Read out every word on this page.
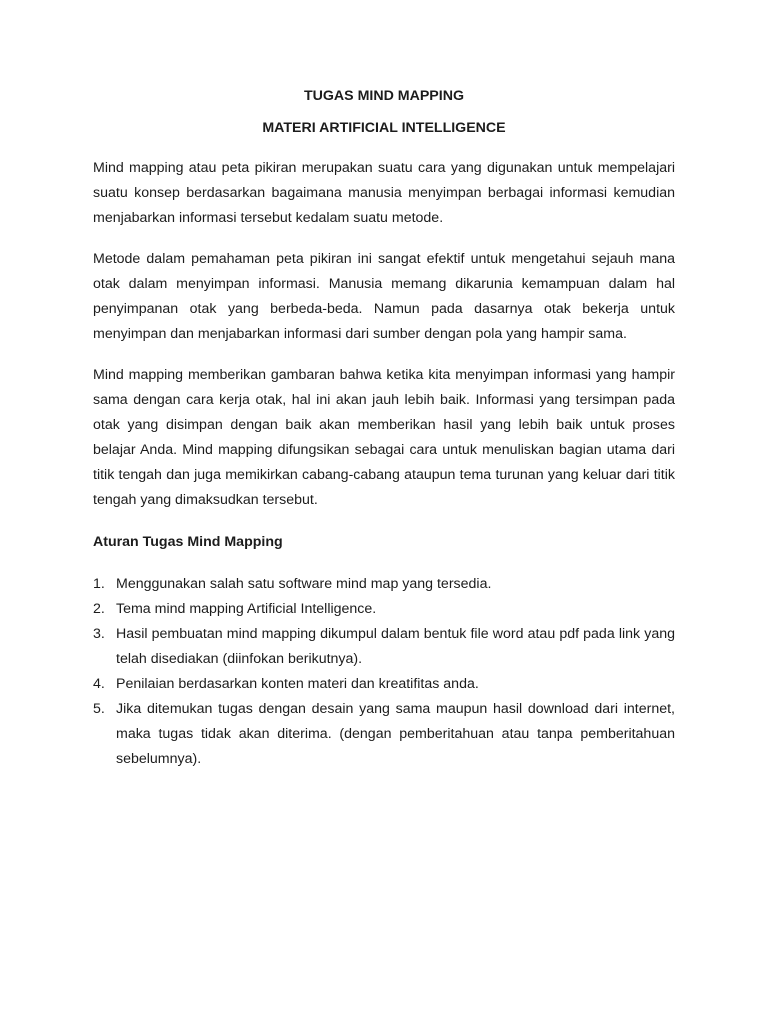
TUGAS MIND MAPPING

MATERI ARTIFICIAL INTELLIGENCE

Mind mapping atau peta pikiran merupakan suatu cara yang digunakan untuk mempelajari suatu konsep berdasarkan bagaimana manusia menyimpan berbagai informasi kemudian menjabarkan informasi tersebut kedalam suatu metode.

Metode dalam pemahaman peta pikiran ini sangat efektif untuk mengetahui sejauh mana otak dalam menyimpan informasi. Manusia memang dikarunia kemampuan dalam hal penyimpanan otak yang berbeda-beda. Namun pada dasarnya otak bekerja untuk menyimpan dan menjabarkan informasi dari sumber dengan pola yang hampir sama.

Mind mapping memberikan gambaran bahwa ketika kita menyimpan informasi yang hampir sama dengan cara kerja otak, hal ini akan jauh lebih baik. Informasi yang tersimpan pada otak yang disimpan dengan baik akan memberikan hasil yang lebih baik untuk proses belajar Anda. Mind mapping difungsikan sebagai cara untuk menuliskan bagian utama dari titik tengah dan juga memikirkan cabang-cabang ataupun tema turunan yang keluar dari titik tengah yang dimaksudkan tersebut.

Aturan Tugas Mind Mapping

1. Menggunakan salah satu software mind map yang tersedia.
2. Tema mind mapping Artificial Intelligence.
3. Hasil pembuatan mind mapping dikumpul dalam bentuk file word atau pdf pada link yang telah disediakan (diinfokan berikutnya).
4. Penilaian berdasarkan konten materi dan kreatifitas anda.
5. Jika ditemukan tugas dengan desain yang sama maupun hasil download dari internet, maka tugas tidak akan diterima. (dengan pemberitahuan atau tanpa pemberitahuan sebelumnya).
